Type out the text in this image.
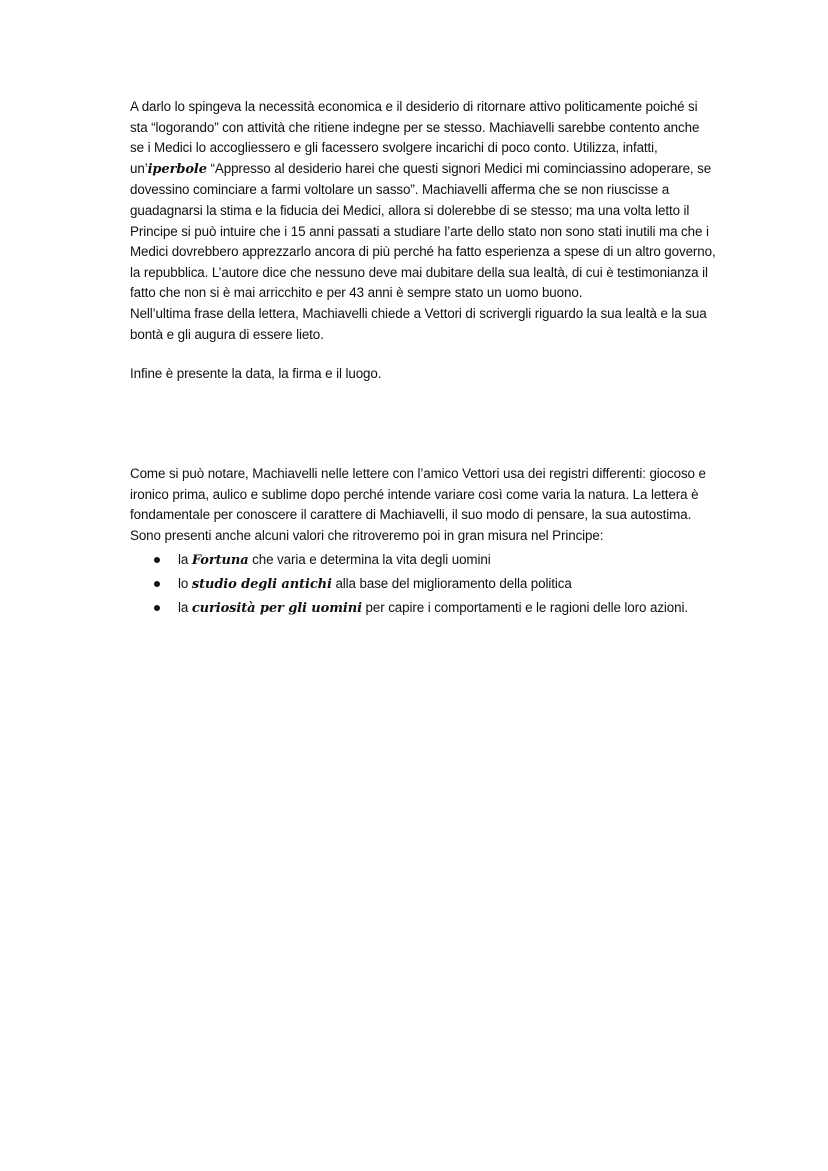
A darlo lo spingeva la necessità economica e il desiderio di ritornare attivo politicamente poiché si
sta “logorando” con attività che ritiene indegne per se stesso. Machiavelli sarebbe contento anche
se i Medici lo accogliessero e gli facessero svolgere incarichi di poco conto. Utilizza, infatti,
un’iperbole “Appresso al desiderio harei che questi signori Medici mi cominciassino adoperare, se
dovessino cominciare a farmi voltolare un sasso”. Machiavelli afferma che se non riuscisse a
guadagnarsi la stima e la fiducia dei Medici, allora si dolerebbe di se stesso; ma una volta letto il
Principe si può intuire che i 15 anni passati a studiare l’arte dello stato non sono stati inutili ma che i
Medici dovrebbero apprezzarlo ancora di più perché ha fatto esperienza a spese di un altro governo,
la repubblica. L’autore dice che nessuno deve mai dubitare della sua lealtà, di cui è testimonianza il
fatto che non si è mai arricchito e per 43 anni è sempre stato un uomo buono.
Nell’ultima frase della lettera, Machiavelli chiede a Vettori di scrivergli riguardo la sua lealtà e la sua
bontà e gli augura di essere lieto.
Infine è presente la data, la firma e il luogo.
Come si può notare, Machiavelli nelle lettere con l’amico Vettori usa dei registri differenti: giocoso e
ironico prima, aulico e sublime dopo perché intende variare così come varia la natura. La lettera è
fondamentale per conoscere il carattere di Machiavelli, il suo modo di pensare, la sua autostima.
Sono presenti anche alcuni valori che ritroveremo poi in gran misura nel Principe:
la Fortuna che varia e determina la vita degli uomini
lo studio degli antichi alla base del miglioramento della politica
la curiosità per gli uomini per capire i comportamenti e le ragioni delle loro azioni.
